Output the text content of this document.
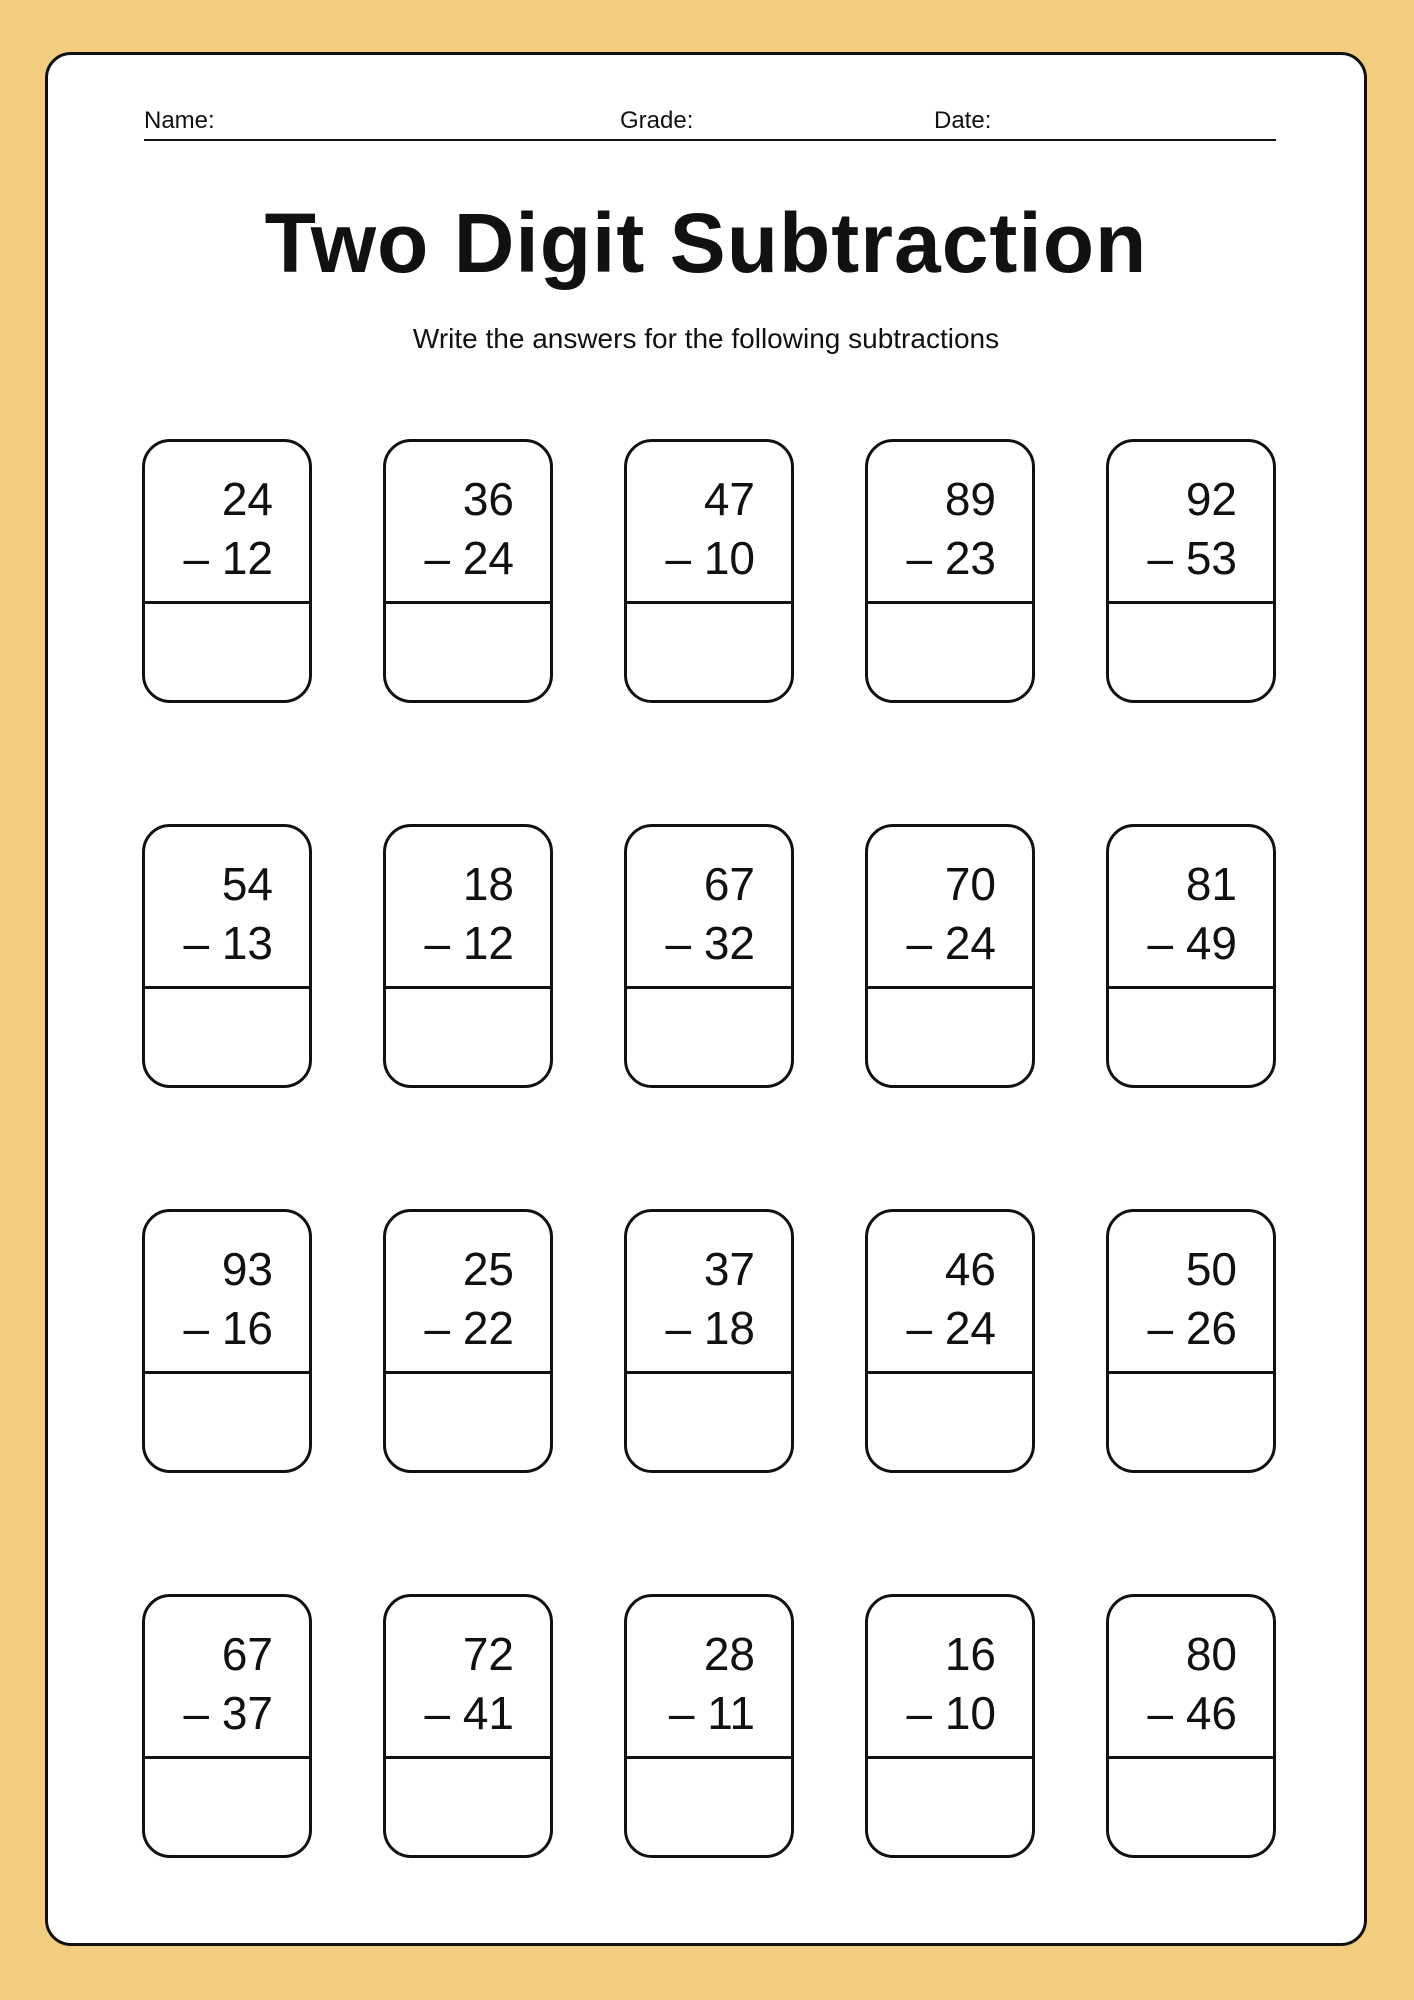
Name:	Grade:	Date:
Two Digit Subtraction
Write the answers for the following subtractions
24
– 12
36
– 24
47
– 10
89
– 23
92
– 53
54
– 13
18
– 12
67
– 32
70
– 24
81
– 49
93
– 16
25
– 22
37
– 18
46
– 24
50
– 26
67
– 37
72
– 41
28
– 11
16
– 10
80
– 46
